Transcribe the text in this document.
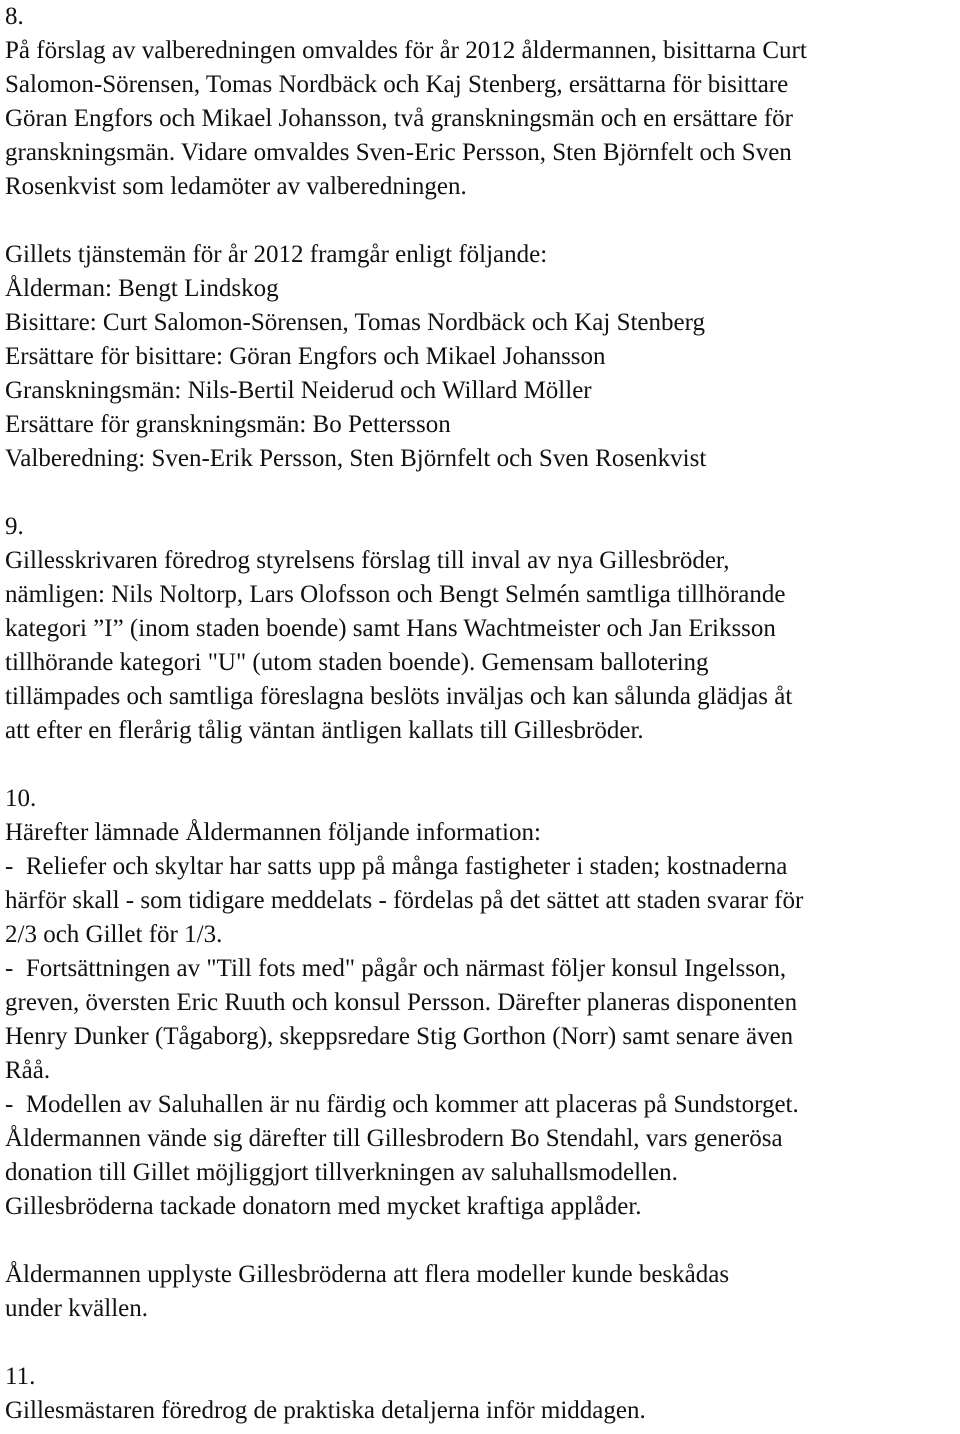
8.
På förslag av valberedningen omvaldes för år 2012 åldermannen, bisittarna Curt
Salomon-Sörensen, Tomas Nordbäck och Kaj Stenberg, ersättarna för bisittare
Göran Engfors och Mikael Johansson, två granskningsmän och en ersättare för
granskningsmän. Vidare omvaldes Sven-Eric Persson, Sten Björnfelt och Sven
Rosenkvist som ledamöter av valberedningen.
Gillets tjänstemän för år 2012 framgår enligt följande:
Ålderman: Bengt Lindskog
Bisittare: Curt Salomon-Sörensen, Tomas Nordbäck och Kaj Stenberg
Ersättare för bisittare: Göran Engfors och Mikael Johansson
Granskningsmän: Nils-Bertil Neiderud och Willard Möller
Ersättare för granskningsmän: Bo Pettersson
Valberedning: Sven-Erik Persson, Sten Björnfelt och Sven Rosenkvist
9.
Gillesskrivaren föredrog styrelsens förslag till inval av nya Gillesbröder,
nämligen: Nils Noltorp, Lars Olofsson och Bengt Selmén samtliga tillhörande
kategori ”I” (inom staden boende) samt Hans Wachtmeister och Jan Eriksson
tillhörande kategori "U" (utom staden boende). Gemensam ballotering
tillämpades och samtliga föreslagna beslöts inväljas och kan sålunda glädjas åt
att efter en flerårig tålig väntan äntligen kallats till Gillesbröder.
10.
Härefter lämnade Åldermannen följande information:
-  Reliefer och skyltar har satts upp på många fastigheter i staden; kostnaderna
härför skall - som tidigare meddelats - fördelas på det sättet att staden svarar för
2/3 och Gillet för 1/3.
-  Fortsättningen av "Till fots med" pågår och närmast följer konsul Ingelsson,
greven, översten Eric Ruuth och konsul Persson. Därefter planeras disponenten
Henry Dunker (Tågaborg), skeppsredare Stig Gorthon (Norr) samt senare även
Råå.
-  Modellen av Saluhallen är nu färdig och kommer att placeras på Sundstorget.
Åldermannen vände sig därefter till Gillesbrodern Bo Stendahl, vars generösa
donation till Gillet möjliggjort tillverkningen av saluhallsmodellen.
Gillesbröderna tackade donatorn med mycket kraftiga applåder.
Åldermannen upplyste Gillesbröderna att flera modeller kunde beskådas
under kvällen.
11.
Gillesmästaren föredrog de praktiska detaljerna inför middagen.
